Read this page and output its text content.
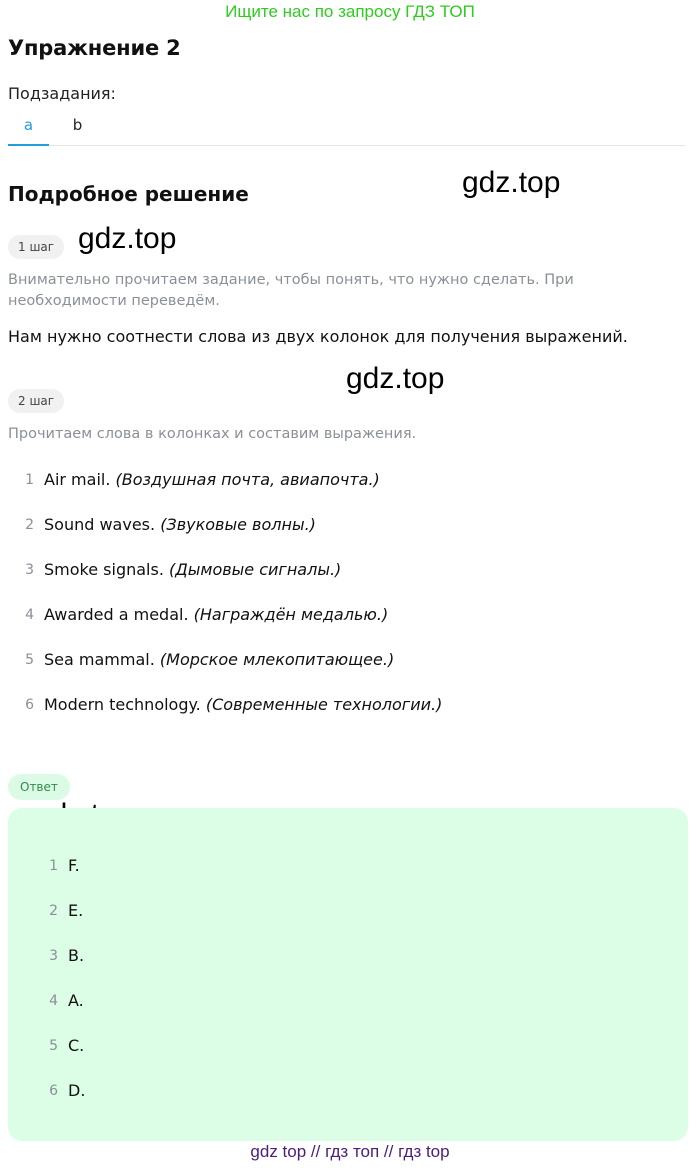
Ищите нас по запросу ГДЗ ТОП
Упражнение 2
Подзадания:
a	b
Подробное решение	gdz.top
gdz.top
gdz.top
1 шаг

Внимательно прочитаем задание, чтобы понять, что нужно сделать. При необходимости переведём.

Нам нужно соотнести слова из двух колонок для получения выражений.

2 шаг

Прочитаем слова в колонках и составим выражения.

1 Air mail. (Воздушная почта, авиапочта.)
2 Sound waves. (Звуковые волны.)
3 Smoke signals. (Дымовые сигналы.)
4 Awarded a medal. (Награждён медалью.)
5 Sea mammal. (Морское млекопитающее.)
6 Modern technology. (Современные технологии.)
Ответ
1 F.
2 E.
3 B.
4 A.
5 C.
6 D.
gdz top // гдз топ // гдз top
